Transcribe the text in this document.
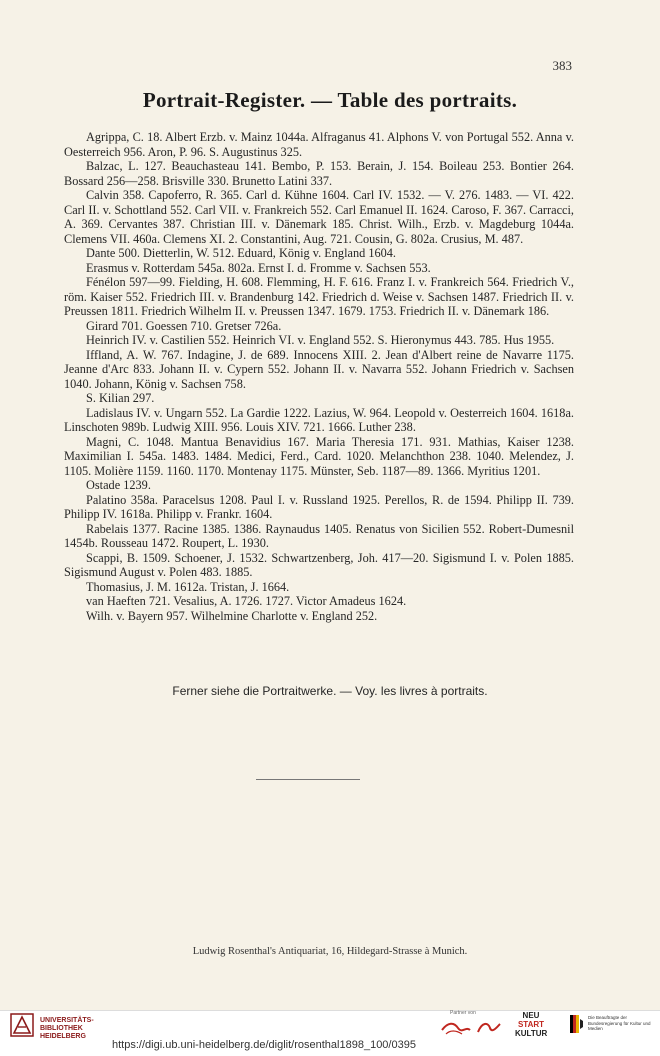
383
Portrait-Register. — Table des portraits.

Agrippa, C. 18. Albert Erzb. v. Mainz 1044a. Alfraganus 41. Alphons V. von Portugal 552. Anna v. Oesterreich 956. Aron, P. 96. S. Augustinus 325.

Balzac, L. 127. Beauchasteau 141. Bembo, P. 153. Berain, J. 154. Boileau 253. Bontier 264. Bossard 256—258. Brisville 330. Brunetto Latini 337.

Calvin 358. Capoferro, R. 365. Carl d. Kühne 1604. Carl IV. 1532. — V. 276. 1483. — VI. 422. Carl II. v. Schottland 552. Carl VII. v. Frankreich 552. Carl Emanuel II. 1624. Caroso, F. 367. Carracci, A. 369. Cervantes 387. Christian III. v. Dänemark 185. Christ. Wilh., Erzb. v. Magdeburg 1044a. Clemens VII. 460a. Clemens XI. 2. Constantini, Aug. 721. Cousin, G. 802a. Crusius, M. 487.

Dante 500. Dietterlin, W. 512. Eduard, König v. England 1604.

Erasmus v. Rotterdam 545a. 802a. Ernst I. d. Fromme v. Sachsen 553.

Fénélon 597—99. Fielding, H. 608. Flemming, H. F. 616. Franz I. v. Frankreich 564. Friedrich V., röm. Kaiser 552. Friedrich III. v. Brandenburg 142. Friedrich d. Weise v. Sachsen 1487. Friedrich II. v. Preussen 1811. Friedrich Wilhelm II. v. Preussen 1347. 1679. 1753. Friedrich II. v. Dänemark 186.

Girard 701. Goessen 710. Gretser 726a.

Heinrich IV. v. Castilien 552. Heinrich VI. v. England 552. S. Hieronymus 443. 785. Hus 1955.

Iffland, A. W. 767. Indagine, J. de 689. Innocens XIII. 2. Jean d'Albert reine de Navarre 1175. Jeanne d'Arc 833. Johann II. v. Cypern 552. Johann II. v. Navarra 552. Johann Friedrich v. Sachsen 1040. Johann, König v. Sachsen 758.

S. Kilian 297.

Ladislaus IV. v. Ungarn 552. La Gardie 1222. Lazius, W. 964. Leopold v. Oesterreich 1604. 1618a. Linschoten 989b. Ludwig XIII. 956. Louis XIV. 721. 1666. Luther 238.

Magni, C. 1048. Mantua Benavidius 167. Maria Theresia 171. 931. Mathias, Kaiser 1238. Maximilian I. 545a. 1483. 1484. Medici, Ferd., Card. 1020. Melanchthon 238. 1040. Melendez, J. 1105. Molière 1159. 1160. 1170. Montenay 1175. Münster, Seb. 1187—89. 1366. Myritius 1201.

Ostade 1239.

Palatino 358a. Paracelsus 1208. Paul I. v. Russland 1925. Perellos, R. de 1594. Philipp II. 739. Philipp IV. 1618a. Philipp v. Frankr. 1604.

Rabelais 1377. Racine 1385. 1386. Raynaudus 1405. Renatus von Sicilien 552. Robert-Dumesnil 1454b. Rousseau 1472. Roupert, L. 1930.

Scappi, B. 1509. Schoener, J. 1532. Schwartzenberg, Joh. 417—20. Sigismund I. v. Polen 1885. Sigismund August v. Polen 483. 1885.

Thomasius, J. M. 1612a. Tristan, J. 1664.

van Haeften 721. Vesalius, A. 1726. 1727. Victor Amadeus 1624.

Wilh. v. Bayern 957. Wilhelmine Charlotte v. England 252.

Ferner siehe die Portraitwerke. — Voy. les livres à portraits.
Ludwig Rosenthal's Antiquariat, 16, Hildegard-Strasse à Munich.
UNIVERSITÄTS-
BIBLIOTHEK
HEIDELBERG
https://digi.ub.uni-heidelberg.de/diglit/rosenthal1898_100/0395
Partner von	NEU
START
KULTUR
Die Beauftragte der Bundesregierung für Kultur und Medien
